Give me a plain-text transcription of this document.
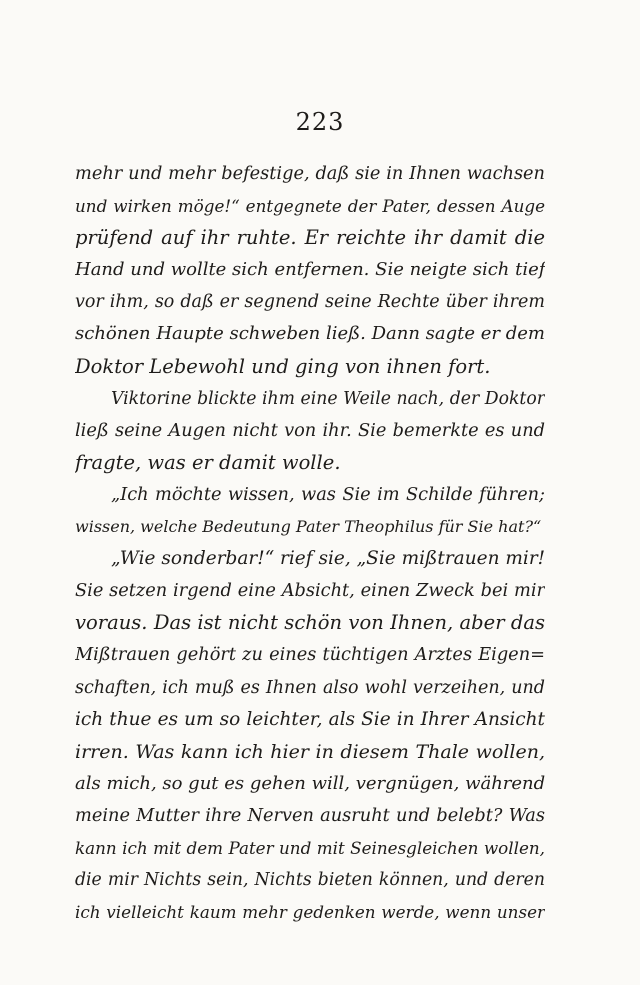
223
mehr und mehr befestige, daß sie in Ihnen wachsen
und wirken möge!“ entgegnete der Pater, dessen Auge
prüfend auf ihr ruhte. Er reichte ihr damit die
Hand und wollte sich entfernen. Sie neigte sich tief
vor ihm, so daß er segnend seine Rechte über ihrem
schönen Haupte schweben ließ. Dann sagte er dem
Doktor Lebewohl und ging von ihnen fort.
Viktorine blickte ihm eine Weile nach, der Doktor
ließ seine Augen nicht von ihr. Sie bemerkte es und
fragte, was er damit wolle.
„Ich möchte wissen, was Sie im Schilde führen;
wissen, welche Bedeutung Pater Theophilus für Sie hat?“
„Wie sonderbar!“ rief sie, „Sie mißtrauen mir!
Sie setzen irgend eine Absicht, einen Zweck bei mir
voraus. Das ist nicht schön von Ihnen, aber das
Mißtrauen gehört zu eines tüchtigen Arztes Eigen=
schaften, ich muß es Ihnen also wohl verzeihen, und
ich thue es um so leichter, als Sie in Ihrer Ansicht
irren. Was kann ich hier in diesem Thale wollen,
als mich, so gut es gehen will, vergnügen, während
meine Mutter ihre Nerven ausruht und belebt? Was
kann ich mit dem Pater und mit Seinesgleichen wollen,
die mir Nichts sein, Nichts bieten können, und deren
ich vielleicht kaum mehr gedenken werde, wenn unser
